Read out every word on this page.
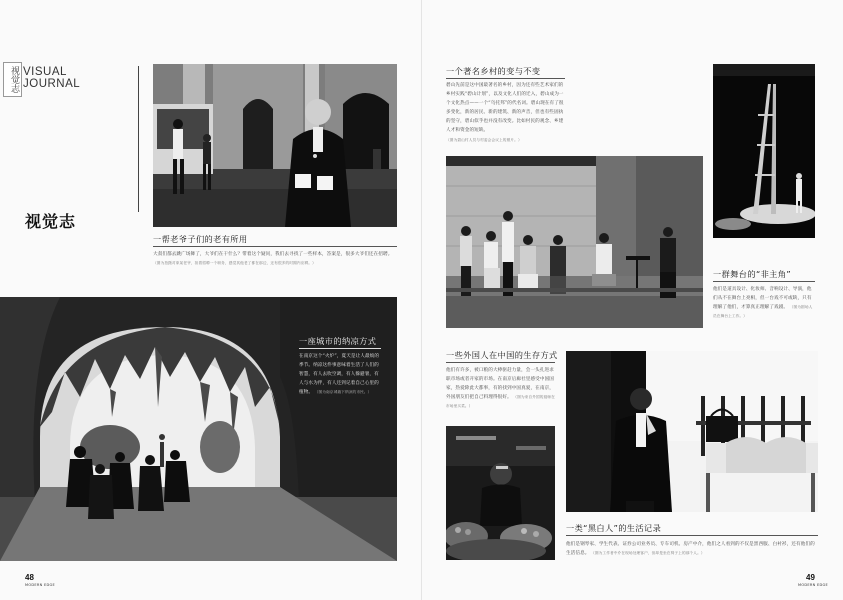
视觉志 VISUAL
JOURNAL
视觉志
一帮老爷子们的老有所用
大叔们都去跳广场舞了，大爷们在干什么？带着这个疑问，我们去寻找了一些样本，答案是，很多大爷们还在招聘。 （图为拍摄对象某老爷，担着招聘一个职务，感觉其他老了都在那边，还有很多的时期内应聘。）
一座城市的纳凉方式
在南京这个“火炉”，夏天是让人最烦的季节。纳凉这件事意味着生活了人们的智慧，有人去吹空调，有人躲避暑，有人与水为伴，有人还到记着自己心里的植物。 （图为南京城墙下纳凉的市民。）
一个著名乡村的变与不变
碧山先前是这中国最著名的乡村，因为还有些艺术家们的乡村实践“碧山计划”，以及文化人们的迁入，碧山成为一个文化热点——一个“乌托邦”的代名词。碧山现在有了很多变化，新的居民、新的建筑、新的声音，但也有些固执的坚守，碧山似乎也并没有改变。比如村民的观念、乡建人才和资金的短缺。 （图为碧山村人员与村委会会议上的照片。）
一群舞台的“非主角”
他们是道具设计、化妆师、音响设计、导演，他们从不在舞台上亮相，但一台戏不可或缺，只有理解了他们，才算真正理解了戏剧。 （图为剧场人员在舞台上工作。）
一些外国人在中国的生存方式
他们有许多，被口粮的大棒驱赶力量，会一头扎进求职市场或者开家的市场。在南京后廊社里感受中国国家，热爱除此大都事，有的找到中国真爱，在南京，外国朋友们把自己料理得很好。 （图为来自外国的厨师在市场里买菜。）
一类“黑白人”的生活记录
他们是钢琴家、学生代表、证券公司业务员、专车司机、房产中介，他们之人看到的不仅是黑西服、白衬衫，还有他们的生活信息。 （图为工作者中介在现场处理客户，但却是坐在椅子上的那个人。）
48
MODERN EDGE
49
MODERN EDGE
